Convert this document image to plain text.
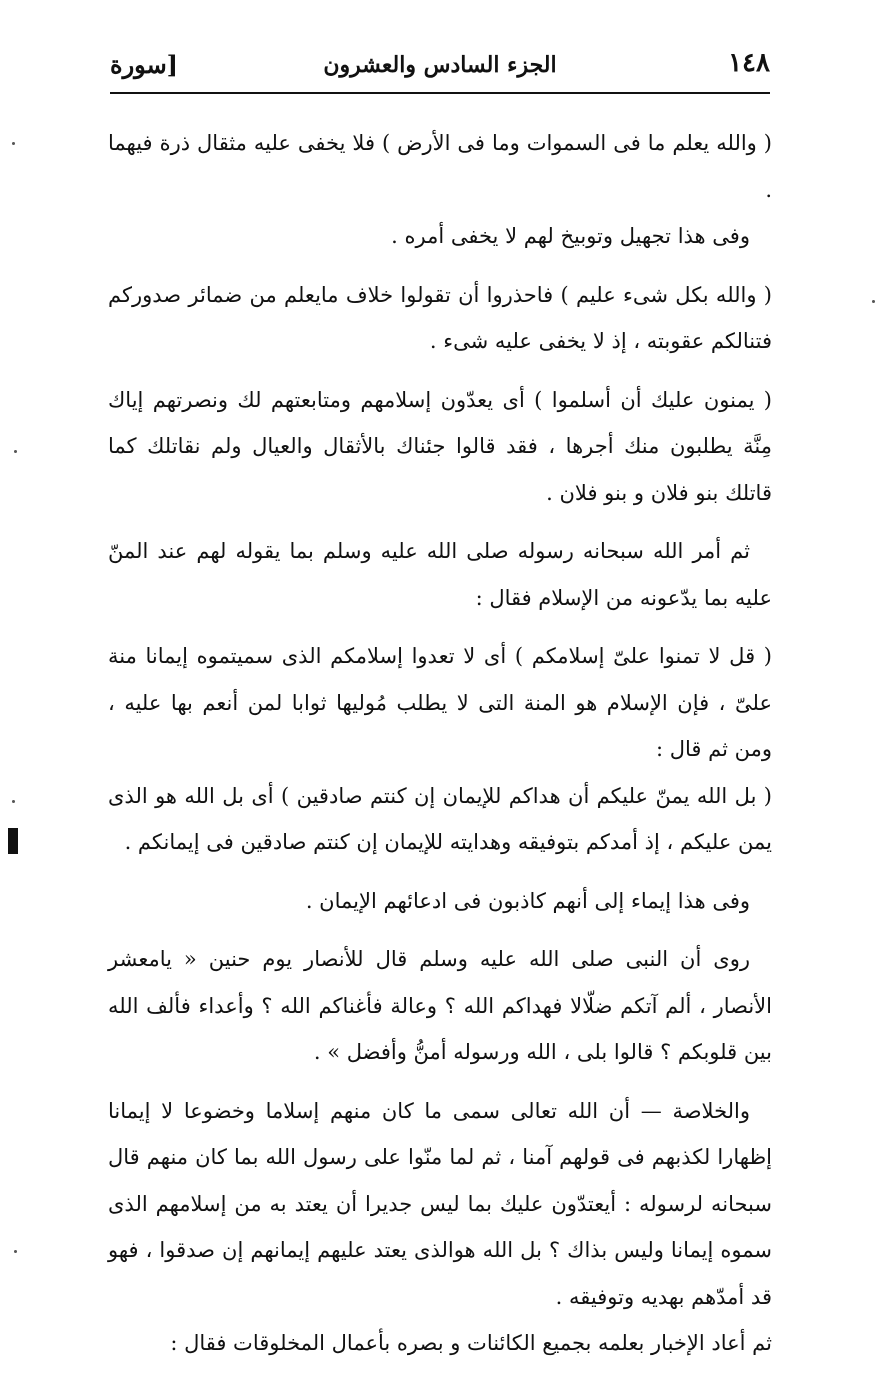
١٤٨
الجزء السادس والعشرون
[سورة

( والله يعلم ما فى السموات وما فى الأرض ) فلا يخفى عليه مثقال ذرة فيهما .

وفى هذا تجهيل وتوبيخ لهم لا يخفى أمره .

( والله بكل شىء عليم ) فاحذروا أن تقولوا خلاف مايعلم من ضمائر صدوركم فتنالكم عقوبته ، إذ لا يخفى عليه شىء .

( يمنون عليك أن أسلموا ) أى يعدّون إسلامهم ومتابعتهم لك ونصرتهم إياك مِنَّة يطلبون منك أجرها ، فقد قالوا جئناك بالأثقال والعيال ولم نقاتلك كما قاتلك بنو فلان و بنو فلان .

ثم أمر الله سبحانه رسوله صلى الله عليه وسلم بما يقوله لهم عند المنّ عليه بما يدّعونه من الإسلام فقال :

( قل لا تمنوا علىّ إسلامكم ) أى لا تعدوا إسلامكم الذى سميتموه إيمانا منة علىّ ، فإن الإسلام هو المنة التى لا يطلب مُوليها ثوابا لمن أنعم بها عليه ، ومن ثم قال :

( بل الله يمنّ عليكم أن هداكم للإيمان إن كنتم صادقين ) أى بل الله هو الذى يمن عليكم ، إذ أمدكم بتوفيقه وهدايته للإيمان إن كنتم صادقين فى إيمانكم .

وفى هذا إيماء إلى أنهم كاذبون فى ادعائهم الإيمان .

روى أن النبى صلى الله عليه وسلم قال للأنصار يوم حنين « يامعشر الأنصار ، ألم آتكم ضلّالا فهداكم الله ؟ وعالة فأغناكم الله ؟ وأعداء فألف الله بين قلوبكم ؟ قالوا بلى ، الله ورسوله أمنُّ وأفضل » .

والخلاصة — أن الله تعالى سمى ما كان منهم إسلاما وخضوعا لا إيمانا إظهارا لكذبهم فى قولهم آمنا ، ثم لما منّوا على رسول الله بما كان منهم قال سبحانه لرسوله : أيعتدّون عليك بما ليس جديرا أن يعتد به من إسلامهم الذى سموه إيمانا وليس بذاك ؟ بل الله هوالذى يعتد عليهم إيمانهم إن صدقوا ، فهو قد أمدّهم بهديه وتوفيقه .

ثم أعاد الإخبار بعلمه بجميع الكائنات و بصره بأعمال المخلوقات فقال :
